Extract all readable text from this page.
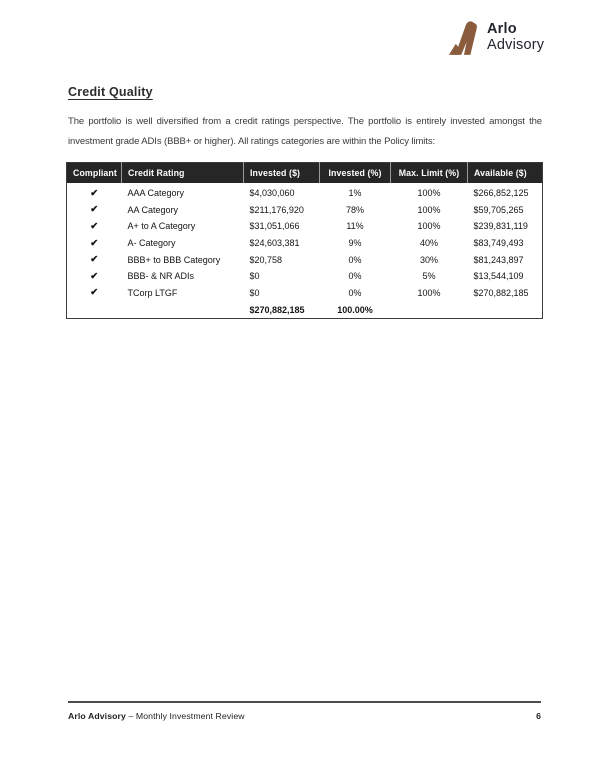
Arlo
Advisory
Credit Quality

The portfolio is well diversified from a credit ratings perspective. The portfolio is entirely invested amongst the investment grade ADIs (BBB+ or higher). All ratings categories are within the Policy limits:

Compliant	Credit Rating	Invested ($)	Invested (%)	Max. Limit (%)	Available ($)
✔	AAA Category	$4,030,060	1%	100%	$266,852,125
✔	AA Category	$211,176,920	78%	100%	$59,705,265
✔	A+ to A Category	$31,051,066	11%	100%	$239,831,119
✔	A- Category	$24,603,381	9%	40%	$83,749,493
✔	BBB+ to BBB Category	$20,758	0%	30%	$81,243,897
✔	BBB- & NR ADIs	$0	0%	5%	$13,544,109
✔	TCorp LTGF	$0	0%	100%	$270,882,185
		$270,882,185	100.00%		
Arlo Advisory – Monthly Investment Review	6
